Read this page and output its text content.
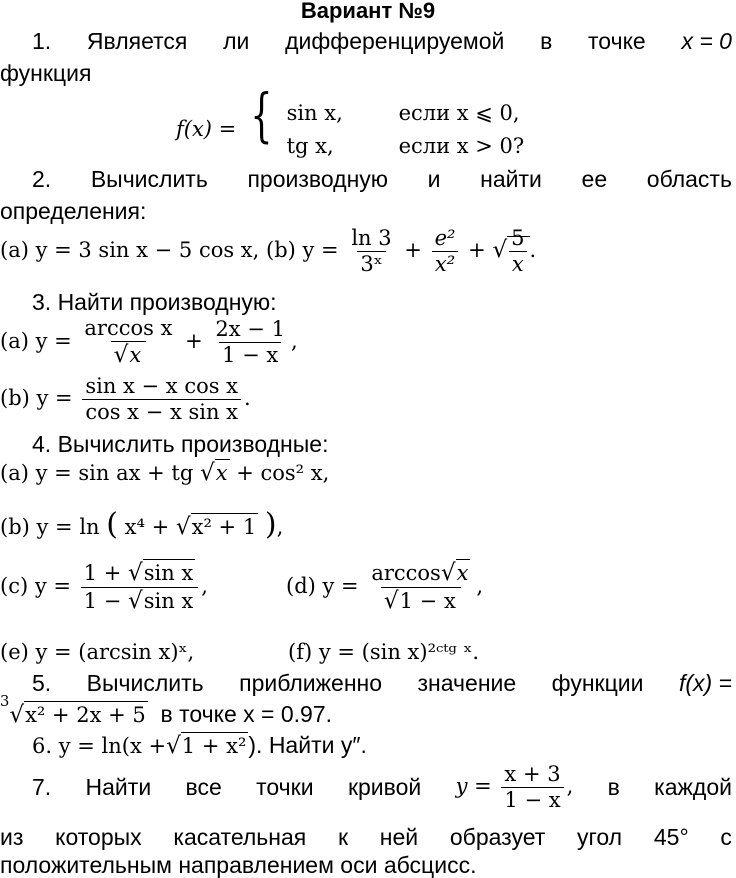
Вариант №9
1. Является ли дифференцируемой в точке x = 0
функция
f(x) = { sin x,	если x ⩽ 0,
tg x,	если x > 0?
2. Вычислить производную и найти ее область
определения:
(a) y = 3 sin x − 5 cos x, (b) $y = \frac{\ln 3}{\text{3ˣ}} + \frac{\text{e²}}{\text{x²}}$ + √ $\frac{5}{x}$ .
3. Найти производную:
(a) $y = \frac{\text{arccos x}}{√x} + \frac{2x - 1}{1 - x}$ ,
(b) $y = \frac{\text{sin x − x cos x}}{\text{cos x − x sin x}}$ .
4. Вычислить производные:
(a) y = sin ax + tg √x + cos² x,
(b) y = ln ( x⁴ + √x² + 1 ),
(c) $y = \frac{\text{1 + √sin x}}{\text{1 − √sin x}}$ ,	(d) $y = \frac{\arccos√x}{√1 - x}$ ,
(e) y = (arcsin x)ˣ,	(f) y = (sin x)²ᶜᵗᵍ ˣ.
5. Вычислить приближенно значение функции f(x) =
$^3$√x² + 2x + 5 в точке x = 0.97.
6. y = ln(x +√1 + x²). Найти y″.
7. Найти все точки кривой $y = \frac{x + 3}{1 - x}$ , в каждой
из которых касательная к ней образует угол 45° с
положительным направлением оси абсцисс.
